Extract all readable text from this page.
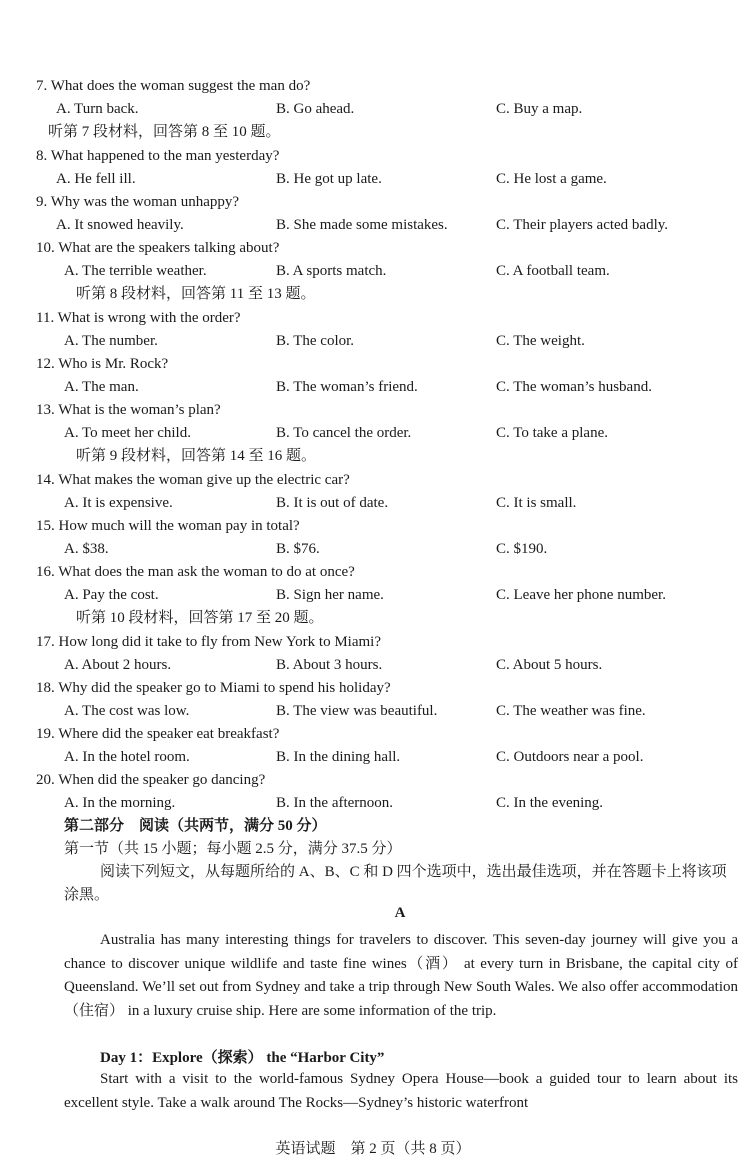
7. What does the woman suggest the man do?
A. Turn back.	B. Go ahead.	C. Buy a map.
听第 7 段材料，回答第 8 至 10 题。
8. What happened to the man yesterday?
A. He fell ill.	B. He got up late.	C. He lost a game.
9. Why was the woman unhappy?
A. It snowed heavily.	B. She made some mistakes.	C. Their players acted badly.
10. What are the speakers talking about?
A. The terrible weather.	B. A sports match.	C. A football team.
听第 8 段材料，回答第 11 至 13 题。
11. What is wrong with the order?
A. The number.	B. The color.	C. The weight.
12. Who is Mr. Rock?
A. The man.	B. The woman’s friend.	C. The woman’s husband.
13. What is the woman’s plan?
A. To meet her child.	B. To cancel the order.	C. To take a plane.
听第 9 段材料，回答第 14 至 16 题。
14. What makes the woman give up the electric car?
A. It is expensive.	B. It is out of date.	C. It is small.
15. How much will the woman pay in total?
A. $38.	B. $76.	C. $190.
16. What does the man ask the woman to do at once?
A. Pay the cost.	B. Sign her name.	C. Leave her phone number.
听第 10 段材料，回答第 17 至 20 题。
17. How long did it take to fly from New York to Miami?
A. About 2 hours.	B. About 3 hours.	C. About 5 hours.
18. Why did the speaker go to Miami to spend his holiday?
A. The cost was low.	B. The view was beautiful.	C. The weather was fine.
19. Where did the speaker eat breakfast?
A. In the hotel room.	B. In the dining hall.	C. Outdoors near a pool.
20. When did the speaker go dancing?
A. In the morning.	B. In the afternoon.	C. In the evening.
第二部分　阅读（共两节，满分 50 分）
第一节（共 15 小题；每小题 2.5 分，满分 37.5 分）
阅读下列短文，从每题所给的 A、B、C 和 D 四个选项中，选出最佳选项，并在答题卡上将该项涂黑。
A
Australia has many interesting things for travelers to discover. This seven-day journey will give you a chance to discover unique wildlife and taste fine wines（酒） at every turn in Brisbane, the capital city of Queensland. We’ll set out from Sydney and take a trip through New South Wales. We also offer accommodation（住宿） in a luxury cruise ship. Here are some information of the trip.
Day 1：Explore（探索） the “Harbor City”
Start with a visit to the world-famous Sydney Opera House—book a guided tour to learn about its excellent style. Take a walk around The Rocks—Sydney’s historic waterfront
英语试题　第 2 页（共 8 页）
